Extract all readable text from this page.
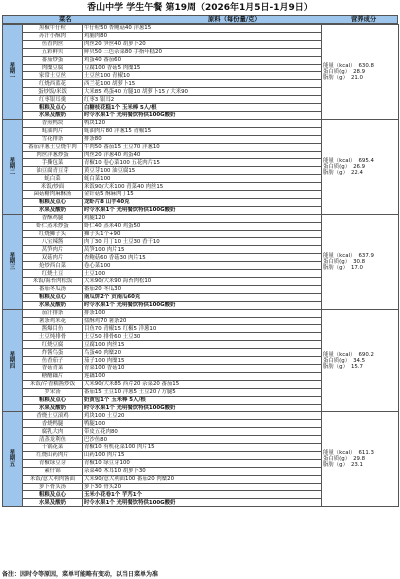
香山中学 学生午餐 第19周（2026年1月5日-1月9日）
菜名	原料（每份量/克）	营养成分
星
期
一	黑椒牛仔粒	牛仔粒50 杏鲍菇40 洋葱15	能量（kcal） 630.8
蛋白质(g） 28.9
脂肪（g） 21.0

	苏汁小酥肉	鸡脯肉80	
	鱼香肉丝	肉丝20 笋丝40 胡萝卜20	
	五彩鲜贝	鲜贝50 三色杂菜80 手指年糕20	
	番茄炒蛋	鸡蛋40 番茄60	
	肉糜豆腐	豆腐100 香菇5 肉糜15	
	家常土豆丝	土豆丝100 青椒10	
	红烧西蓝花	西兰花100 胡萝卜15	
	蛋炒饭/米饭	大米85 鸡蛋40 方腿10 胡萝卜15 / 大米90	
	红枣银耳羹	红枣3 银耳2	
	粗粮及点心	白糖枝花糕1个 玉米棒 5人/根	
	水果及酸奶	时令水果1个 光明餐饮特供100G酸奶	

星
期
二	香煎鸭块	鸭块120	能量（kcal） 695.4
蛋白质(g） 26.9
脂肪（g） 22.4

	蚝油肉片	蚝油肉片80 洋葱15 青椒15	
	雪花排条	排条80	
	番茄洋葱土豆烧牛肉	牛肉50 番茄15 土豆70 洋葱10	
	肉丝洋葱炒蛋	肉丝20 洋葱40 鸡蛋40	
	手撕包菜	青椒10 卷心菜100 五花肉片15	
	油豆腐青豆芽	黄豆芽100 油豆腐15	
	蚝白菜	蚝白菜100	
	米饭/炒面	米饭90/大米100 青菜40 肉丝15	
	菌菇糖肉麻酥汤	金针菇5 酥麻肉丁15	
	粗粮及点心	龙虾片8 山芋40克	
	水果及酸奶	时令水果1个 光明餐饮特供100G酸奶	

星
期
三	香酥鸡腿	鸡腿120	能量（kcal） 637.9
蛋白质(g） 30.8
脂肪（g） 17.0

	虾仁蒸米炒蛋	虾仁40 蒸米40 鸡蛋50	
	红烧狮子头	狮子头1个+90	
	八宝辣酱	肉丁30 月丁10 土豆30 香干10	
	莴笋肉片	莴笋100 肉片15	
	双菇肉片	杏鲍菇60 香菇30 肉片15	
	炝炒西白菜	卷心菜100	
	红烧土豆	土豆100	
	米饭/海苔肉松饭	大米90/大米90 海苔肉松10	
	番茄冬瓜汤	番茄20 冬瓜30	
	粗粮及点心	南瓜饼2个 贡南瓜60克	
	水果及酸奶	时令水果1个 光明餐饮特供100G酸奶	

星
期
四	茄汁排条	排条100	能量（kcal） 690.2
蛋白质(g） 34.5
脂肪（g） 15.7

	薯条鸡米花	盐酥鸡70 薯条20	
	酱爆目鱼	目鱼70 青椒15 红椒5 洋葱10	
	土豆炖排骨	土豆50 排骨60 土豆30	
	红烧豆腐	豆腐100 肉丝15	
	炸酱鸟蛋	鸟蛋40 肉糜20	
	鱼香茄子	茄子100 肉糜15	
	香菇青菜	青菜100 香菇10	
	糖醋藕片	莲藕100	
	米饭/芹香糯酱炒饭	大米90/大米85 西芹20 杂菜20 番茄15	
	罗宋汤	番茄15 土豆10 洋葱5 土豆20 / 方腿5	
	粗粮及点心	奶黄包1个 玉米棒 5人/根	
	水果及酸奶	时令水果1个 光明餐饮特供100G酸奶	

星
期
五	香烧土豆滚鸡	鸡块100 土豆20	能量（kcal） 611.3
蛋白质(g） 29.8
脂肪（g） 23.1

	香烧鸭腿	鸭腿100	
	腐乳大肉	带皮五花肉80	
	清蒸龙利鱼	巴沙鱼80	
	干锅花菜	青椒10 有机花菜100 肉片15	
	红烧山药肉片	山药100 肉片15	
	青椒绿豆芽	青椒10 绿豆芽100	
	素什锦	杂菜40 木耳10 胡萝卜30	
	米饭/意大利肉酱面	大米90/意大利面100 番茄20 肉糜20	
	萝卜骨头汤	萝卜30 骨头20	
	粗粮及点心	玉米小花卷1个 芋艿1个	
	水果及酸奶	时令水果1个 光明餐饮特供100G酸奶	
备注：因时令等原因，菜单可能略有变动，以当日菜单为准
